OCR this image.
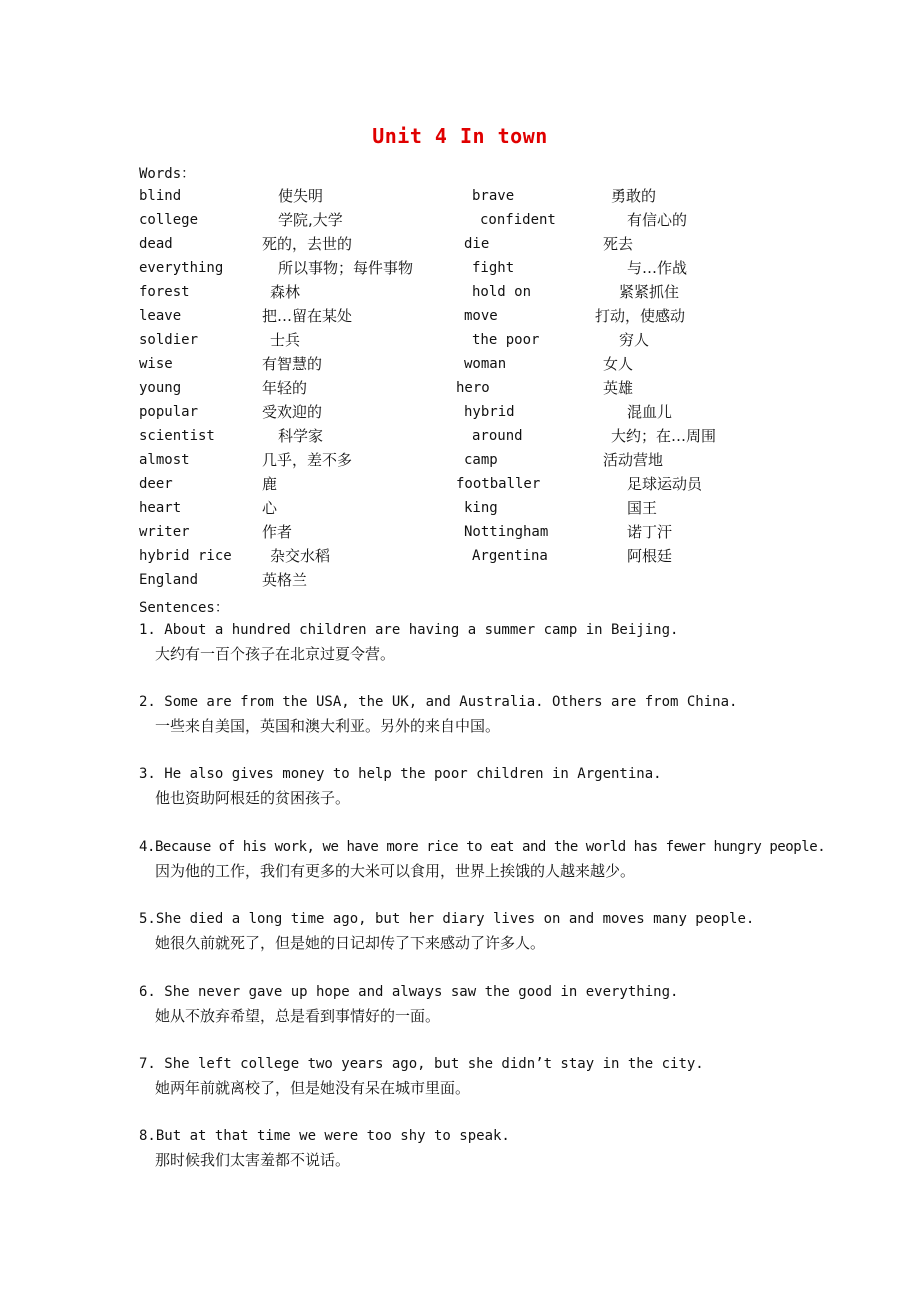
Unit 4 In town
Words：
blind	使失明	brave	勇敢的
college	学院,大学	confident	有信心的
dead	死的，去世的	die	死去
everything	所以事物；每件事物	fight	与…作战
forest	森林	hold on	紧紧抓住
leave	把…留在某处	move	打动，使感动
soldier	士兵	the poor	穷人
wise	有智慧的	woman	女人
young	年轻的	hero	英雄
popular	受欢迎的	hybrid	混血儿
scientist	科学家	around	大约；在…周围
almost	几乎，差不多	camp	活动营地
deer	鹿	footballer	足球运动员
heart	心	king	国王
writer	作者	Nottingham	诺丁汗
hybrid rice	杂交水稻	Argentina	阿根廷
England	英格兰
Sentences：
1. About a hundred children are having a summer camp in Beijing.
大约有一百个孩子在北京过夏令营。
2. Some are from the USA, the UK, and Australia. Others are from China.
一些来自美国，英国和澳大利亚。另外的来自中国。
3. He also gives money to help the poor children in Argentina.
他也资助阿根廷的贫困孩子。
4.Because of his work, we have more rice to eat and the world has fewer hungry people.
因为他的工作，我们有更多的大米可以食用，世界上挨饿的人越来越少。
5.She died a long time ago, but her diary lives on and moves many people.
她很久前就死了，但是她的日记却传了下来感动了许多人。
6. She never gave up hope and always saw the good in everything.
她从不放弃希望，总是看到事情好的一面。
7. She left college two years ago, but she didn’t stay in the city.
她两年前就离校了，但是她没有呆在城市里面。
8.But at that time we were too shy to speak.
那时候我们太害羞都不说话。
